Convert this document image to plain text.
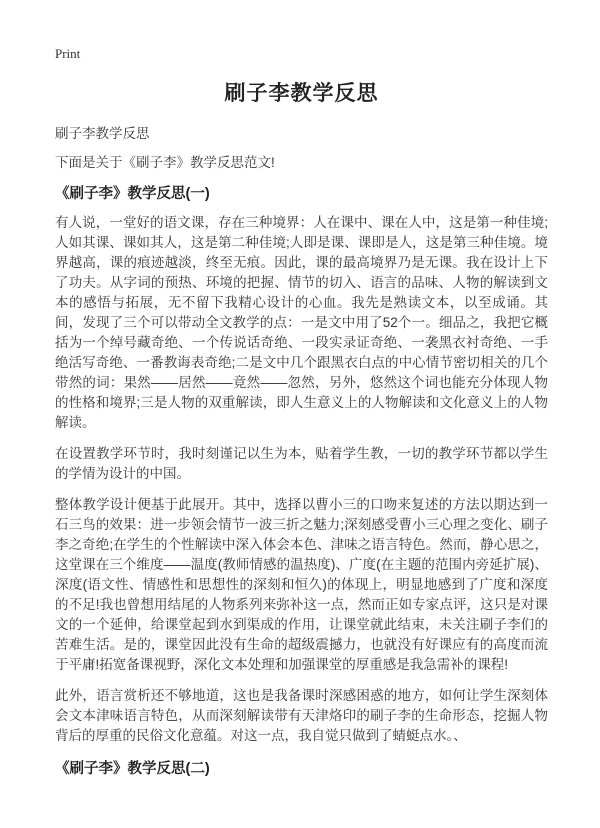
Print
刷子李教学反思

刷子李教学反思

下面是关于《刷子李》教学反思范文!

《刷子李》教学反思(一)

有人说，一堂好的语文课，存在三种境界：人在课中、课在人中，这是第一种佳境;人如其课、课如其人，这是第二种佳境;人即是课、课即是人，这是第三种佳境。境界越高，课的痕迹越淡，终至无痕。因此，课的最高境界乃是无课。我在设计上下了功夫。从字词的预热、环境的把握、情节的切入、语言的品味、人物的解读到文本的感悟与拓展，无不留下我精心设计的心血。我先是熟读文本，以至成诵。其间，发现了三个可以带动全文教学的点：一是文中用了52个一。细品之，我把它概括为一个绰号藏奇绝、一个传说话奇绝、一段实录证奇绝、一袭黑衣衬奇绝、一手绝活写奇绝、一番教诲表奇绝;二是文中几个跟黑衣白点的中心情节密切相关的几个带然的词：果然——居然——竟然——忽然，另外，悠然这个词也能充分体现人物的性格和境界;三是人物的双重解读，即人生意义上的人物解读和文化意义上的人物解读。

在设置教学环节时，我时刻谨记以生为本，贴着学生教，一切的教学环节都以学生的学情为设计的中国。

整体教学设计便基于此展开。其中，选择以曹小三的口吻来复述的方法以期达到一石三鸟的效果：进一步领会情节一波三折之魅力;深刻感受曹小三心理之变化、刷子李之奇绝;在学生的个性解读中深入体会本色、津味之语言特色。然而，静心思之，这堂课在三个维度——温度(教师情感的温热度)、广度(在主题的范围内旁延扩展)、深度(语文性、情感性和思想性的深刻和恒久)的体现上，明显地感到了广度和深度的不足!我也曾想用结尾的人物系列来弥补这一点，然而正如专家点评，这只是对课文的一个延伸，给课堂起到水到渠成的作用，让课堂就此结束，未关注刷子李们的苦难生活。是的，课堂因此没有生命的超级震撼力，也就没有好课应有的高度而流于平庸!拓宽备课视野，深化文本处理和加强课堂的厚重感是我急需补的课程!

此外，语言赏析还不够地道，这也是我备课时深感困惑的地方，如何让学生深刻体会文本津味语言特色，从而深刻解读带有天津烙印的刷子李的生命形态，挖掘人物背后的厚重的民俗文化意蕴。对这一点，我自觉只做到了蜻蜓点水。、

《刷子李》教学反思(二)
